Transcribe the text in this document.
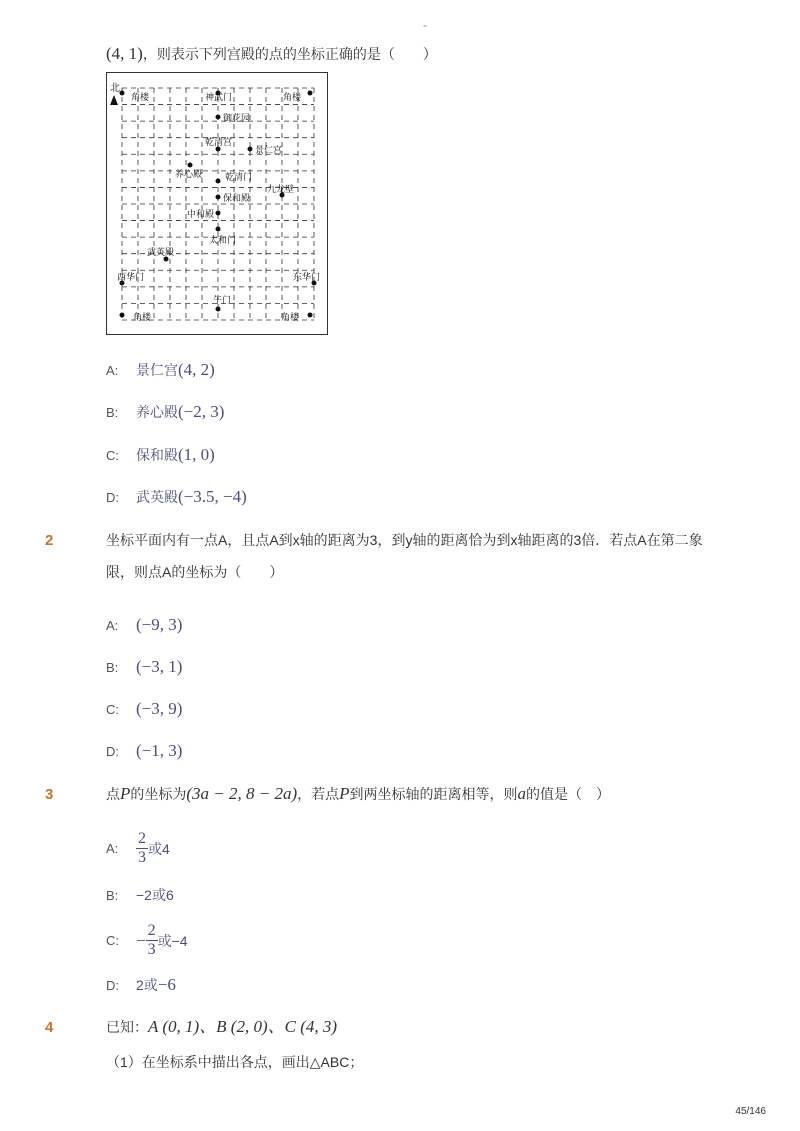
-
(4, 1)，则表示下列宫殿的点的坐标正确的是（　　）
北
角楼	神武门	角楼
御花园
乾清宫
景仁宫
养心殿	乾清门
九龙壁
保和殿
中和殿
太和门
武英殿
西华门	东华门
午门
角楼	角楼
A:	景仁宫 (4, 2)
B:	养心殿 (−2, 3)
C:	保和殿 (1, 0)
D:	武英殿 (−3.5, −4)
2	坐标平面内有一点A，且点A到x轴的距离为3，到y轴的距离恰为到x轴距离的3倍．若点A在第二象
限，则点A的坐标为（　　）
A:	(−9, 3)
B:	(−3, 1)
C:	(−3, 9)
D:	(−1, 3)
3	点P的坐标为(3a − 2, 8 − 2a)，若点P到两坐标轴的距离相等，则a的值是（　）
A:	$\frac{2}{3}$ 或4
B:	−2或6
C:	− $\frac{2}{3}$ 或−4
D:	2或 −6
4	已知：A (0, 1)、B (2, 0)、C (4, 3)
（1）在坐标系中描出各点，画出△ABC；
45/146
